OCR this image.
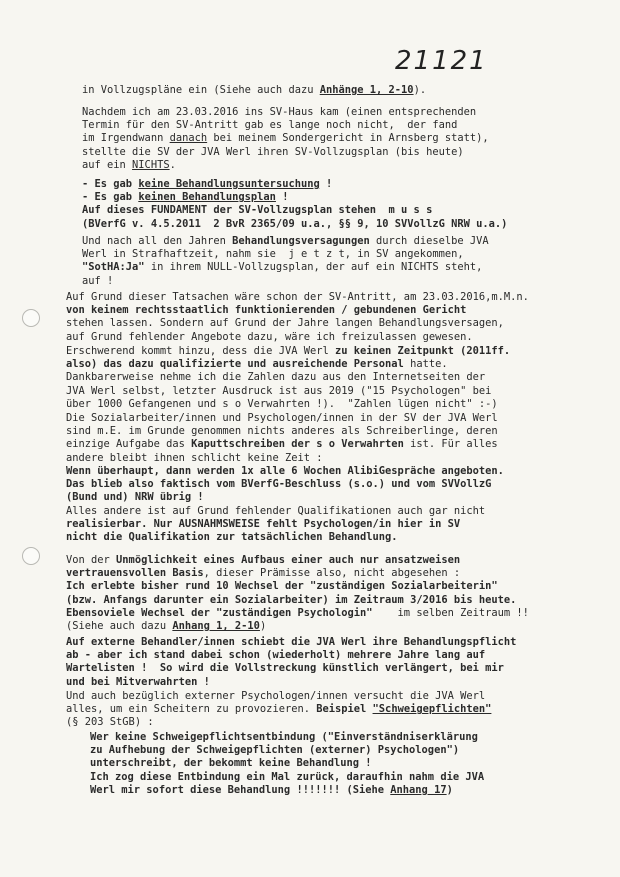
21121
in Vollzugspläne ein (Siehe auch dazu Anhänge 1, 2-10).
Nachdem ich am 23.03.2016 ins SV-Haus kam (einen entsprechenden
Termin für den SV-Antritt gab es lange noch nicht,  der fand
im Irgendwann danach bei meinem Sondergericht in Arnsberg statt),
stellte die SV der JVA Werl ihren SV-Vollzugsplan (bis heute)
auf ein NICHTS.
- Es gab keine Behandlungsuntersuchung !
- Es gab keinen Behandlungsplan !
Auf dieses FUNDAMENT der SV-Vollzugsplan stehen  m u s s
(BVerfG v. 4.5.2011  2 BvR 2365/09 u.a., §§ 9, 10 SVVollzG NRW u.a.)
Und nach all den Jahren Behandlungsversagungen durch dieselbe JVA
Werl in Strafhaftzeit, nahm sie  j e t z t, in SV angekommen,
"SotHA:Ja" in ihrem NULL-Vollzugsplan, der auf ein NICHTS steht,
auf !
Auf Grund dieser Tatsachen wäre schon der SV-Antritt, am 23.03.2016,m.M.n.
von keinem rechtsstaatlich funktionierenden / gebundenen Gericht
stehen lassen. Sondern auf Grund der Jahre langen Behandlungsversagen,
auf Grund fehlender Angebote dazu, wäre ich freizulassen gewesen.
Erschwerend kommt hinzu, dess die JVA Werl zu keinen Zeitpunkt (2011ff.
also) das dazu qualifizierte und ausreichende Personal hatte.
Dankbarerweise nehme ich die Zahlen dazu aus den Internetseiten der
JVA Werl selbst, letzter Ausdruck ist aus 2019 ("15 Psychologen" bei
über 1000 Gefangenen und s o Verwahrten !).  "Zahlen lügen nicht" :-)
Die Sozialarbeiter/innen und Psychologen/innen in der SV der JVA Werl
sind m.E. im Grunde genommen nichts anderes als Schreiberlinge, deren
einzige Aufgabe das Kaputtschreiben der s o Verwahrten ist. Für alles
andere bleibt ihnen schlicht keine Zeit :
Wenn überhaupt, dann werden 1x alle 6 Wochen AlibiGespräche angeboten.
Das blieb also faktisch vom BVerfG-Beschluss (s.o.) und vom SVVollzG
(Bund und) NRW übrig !
Alles andere ist auf Grund fehlender Qualifikationen auch gar nicht
realisierbar. Nur AUSNAHMSWEISE fehlt Psychologen/in hier in SV
nicht die Qualifikation zur tatsächlichen Behandlung.
Von der Unmöglichkeit eines Aufbaus einer auch nur ansatzweisen
vertrauensvollen Basis, dieser Prämisse also, nicht abgesehen :
Ich erlebte bisher rund 10 Wechsel der "zuständigen Sozialarbeiterin"
(bzw. Anfangs darunter ein Sozialarbeiter) im Zeitraum 3/2016 bis heute.
Ebensoviele Wechsel der "zuständigen Psychologin"    im selben Zeitraum !!
(Siehe auch dazu Anhang 1, 2-10)
Auf externe Behandler/innen schiebt die JVA Werl ihre Behandlungspflicht
ab - aber ich stand dabei schon (wiederholt) mehrere Jahre lang auf
Wartelisten !  So wird die Vollstreckung künstlich verlängert, bei mir
und bei Mitverwahrten !
Und auch bezüglich externer Psychologen/innen versucht die JVA Werl
alles, um ein Scheitern zu provozieren. Beispiel "Schweigepflichten"
(§ 203 StGB) :
Wer keine Schweigepflichtsentbindung ("Einverständniserklärung
zu Aufhebung der Schweigepflichten (externer) Psychologen")
unterschreibt, der bekommt keine Behandlung !
Ich zog diese Entbindung ein Mal zurück, daraufhin nahm die JVA
Werl mir sofort diese Behandlung !!!!!!! (Siehe Anhang 17)
